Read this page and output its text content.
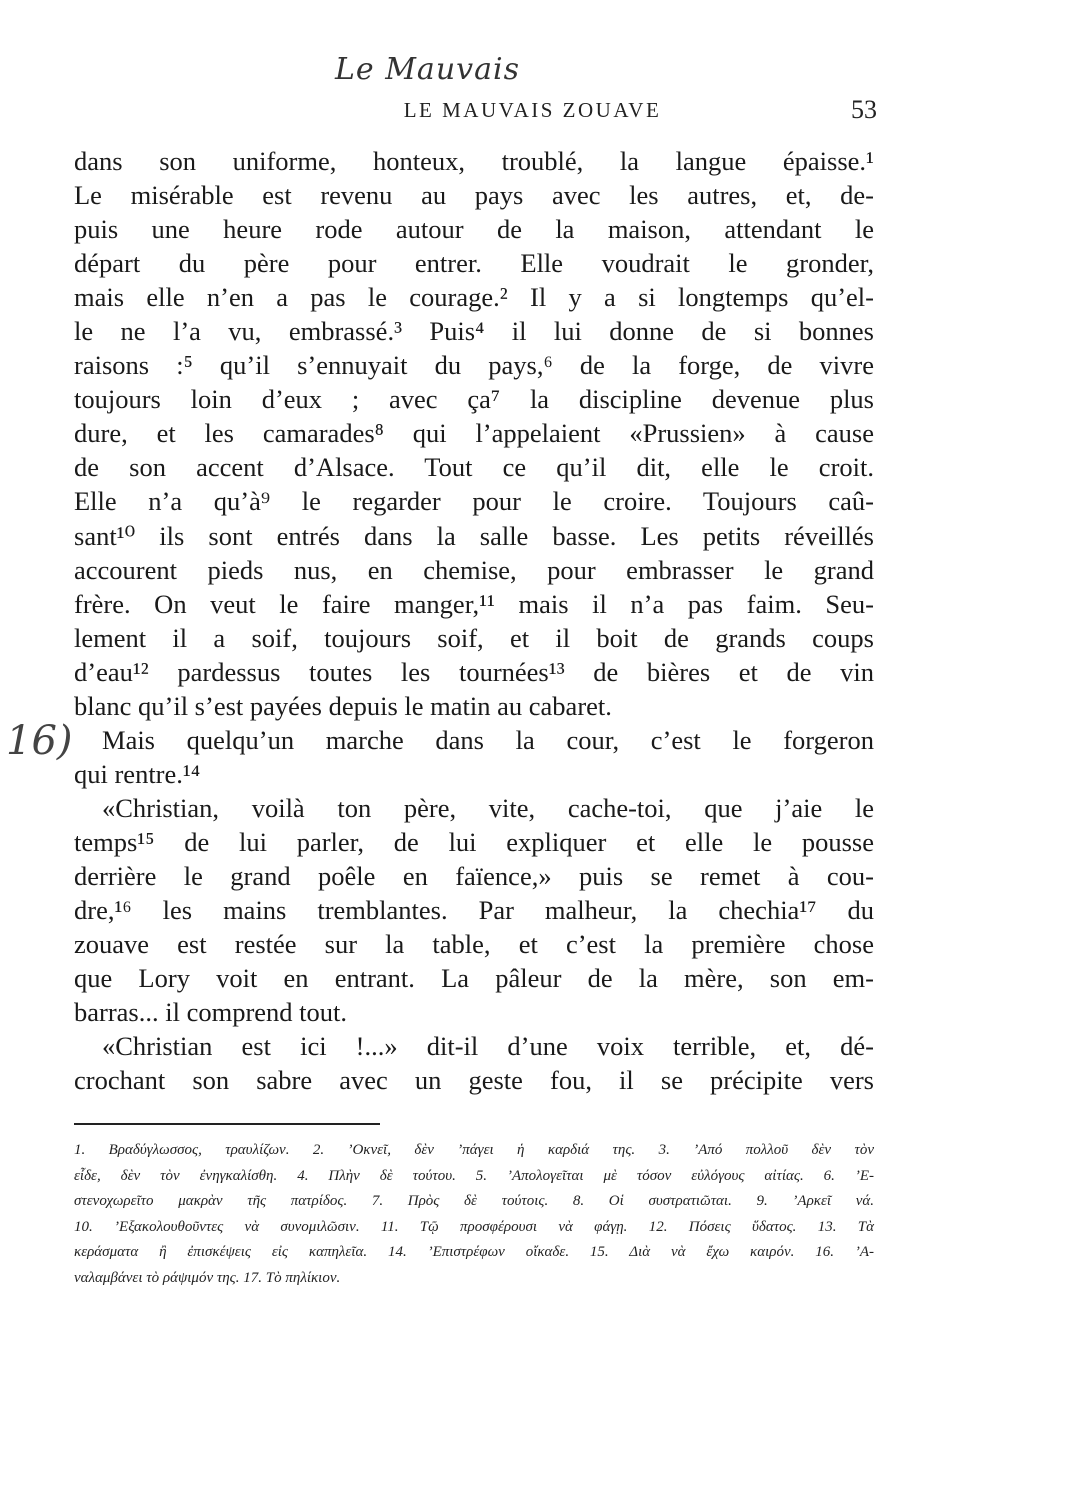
Le Mauvais
LE MAUVAIS ZOUAVE	53
dans son uniforme, honteux, troublé, la langue épaisse.¹
Le misérable est revenu au pays avec les autres, et, de-
puis une heure rode autour de la maison, attendant le
départ du père pour entrer. Elle voudrait le gronder,
mais elle n’en a pas le courage.² Il y a si longtemps qu’el-
le ne l’a vu, embrassé.³ Puis⁴ il lui donne de si bonnes
raisons :⁵ qu’il s’ennuyait du pays,⁶ de la forge, de vivre
toujours loin d’eux ; avec ça⁷ la discipline devenue plus
dure, et les camarades⁸ qui l’appelaient «Prussien» à cause
de son accent d’Alsace. Tout ce qu’il dit, elle le croit.
Elle n’a qu’à⁹ le regarder pour le croire. Toujours caû-
sant¹⁰ ils sont entrés dans la salle basse. Les petits réveillés
accourent pieds nus, en chemise, pour embrasser le grand
frère. On veut le faire manger,¹¹ mais il n’a pas faim. Seu-
lement il a soif, toujours soif, et il boit de grands coups
d’eau¹² pardessus toutes les tournées¹³ de bières et de vin
blanc qu’il s’est payées depuis le matin au cabaret.
Mais quelqu’un marche dans la cour, c’est le forgeron
qui rentre.¹⁴
«Christian, voilà ton père, vite, cache-toi, que j’aie le
temps¹⁵ de lui parler, de lui expliquer et elle le pousse
derrière le grand poêle en faïence,» puis se remet à cou-
dre,¹⁶ les mains tremblantes. Par malheur, la chechia¹⁷ du
zouave est restée sur la table, et c’est la première chose
que Lory voit en entrant. La pâleur de la mère, son em-
barras... il comprend tout.
«Christian est ici !...» dit-il d’une voix terrible, et, dé-
crochant son sabre avec un geste fou, il se précipite vers
1. Βραδύγλωσσος, τραυλίζων. 2. ’Οκνεῖ, δὲν ’πάγει ἡ καρδιά της. 3. ’Από πολλοῦ δὲν τὸν
εἶδε, δὲν τὸν ἐνηγκαλίσθη. 4. Πλὴν δὲ τούτου. 5. ’Απολογεῖται μὲ τόσον εὐλόγους αἰτίας. 6. ’Ε-
στενοχωρεῖτο μακρὰν τῆς πατρίδος. 7. Πρὸς δὲ τούτοις. 8. Οἱ συστρατιῶται. 9. ’Αρκεῖ νά.
10. ’Εξακολουθοῦντες νὰ συνομιλῶσιν. 11. Τῷ προσφέρουσι νὰ φάγῃ. 12. Πόσεις ὕδατος. 13. Τὰ
κεράσματα ἢ ἐπισκέψεις εἰς καπηλεῖα. 14. ’Επιστρέφων οἴκαδε. 15. Διὰ νὰ ἔχω καιρόν. 16. ’Α-
ναλαμβάνει τὸ ράψιμόν της. 17. Τὸ πηλίκιον.
16)
